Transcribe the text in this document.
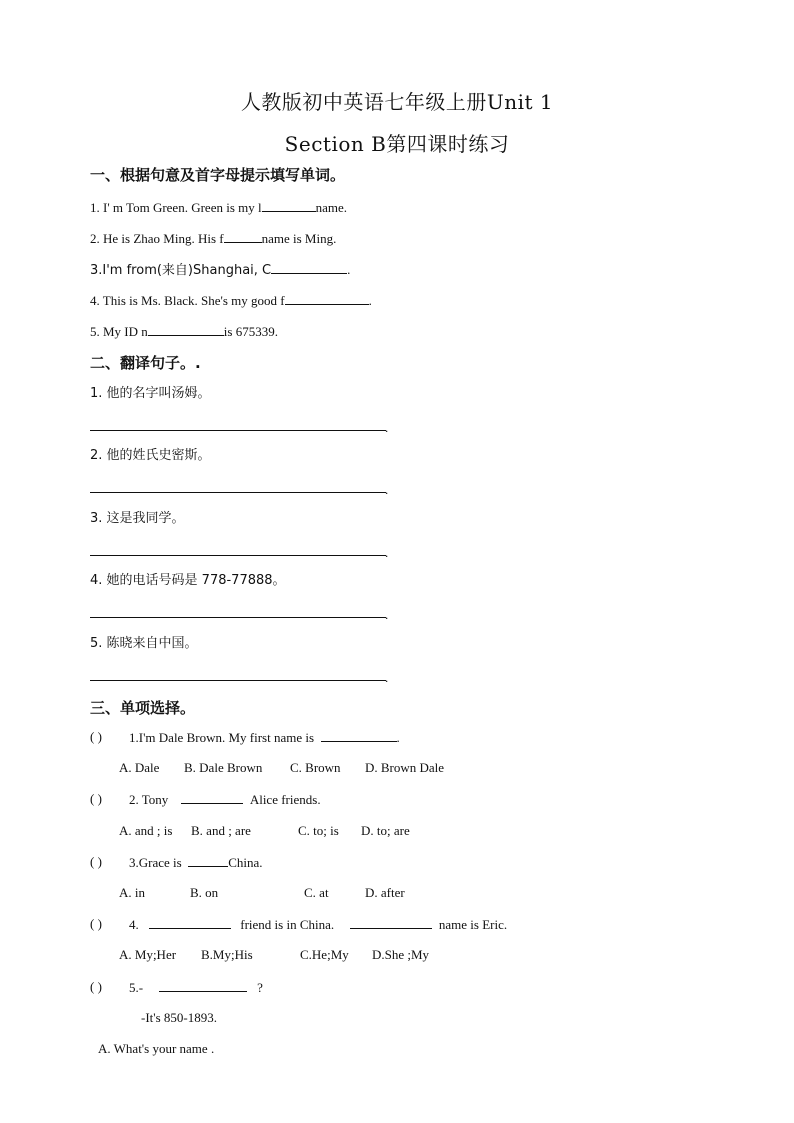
人教版初中英语七年级上册Unit 1
Section B第四课时练习
一、根据句意及首字母提示填写单词。
1. I' m Tom Green. Green is my l	name.
2. He is Zhao Ming. His f	name is Ming.
3.I'm from(来自)Shanghai, C	.
4. This is Ms. Black. She's my good f	.
5. My ID n	is 675339.
二、翻译句子。.
1. 他的名字叫汤姆。
.
2. 他的姓氏史密斯。
.
3. 这是我同学。
.
4. 她的电话号码是 778-77888。
.
5. 陈晓来自中国。
.
三、单项选择。
( ) 1.I'm Dale Brown. My first name is	.
A. Dale B. Dale Brown C. Brown D. Brown Dale
( ) 2. Tony	Alice friends.
A. and ; is B. and ; are	C. to; is D. to; are
( ) 3.Grace is	China.
A. in	B. on	C. at	D. after
( ) 4.	friend is in China.	name is Eric.
A. My;Her B.My;His	C.He;My D.She ;My
( ) 5.-	?
-It's 850-1893.
A. What's your name .
